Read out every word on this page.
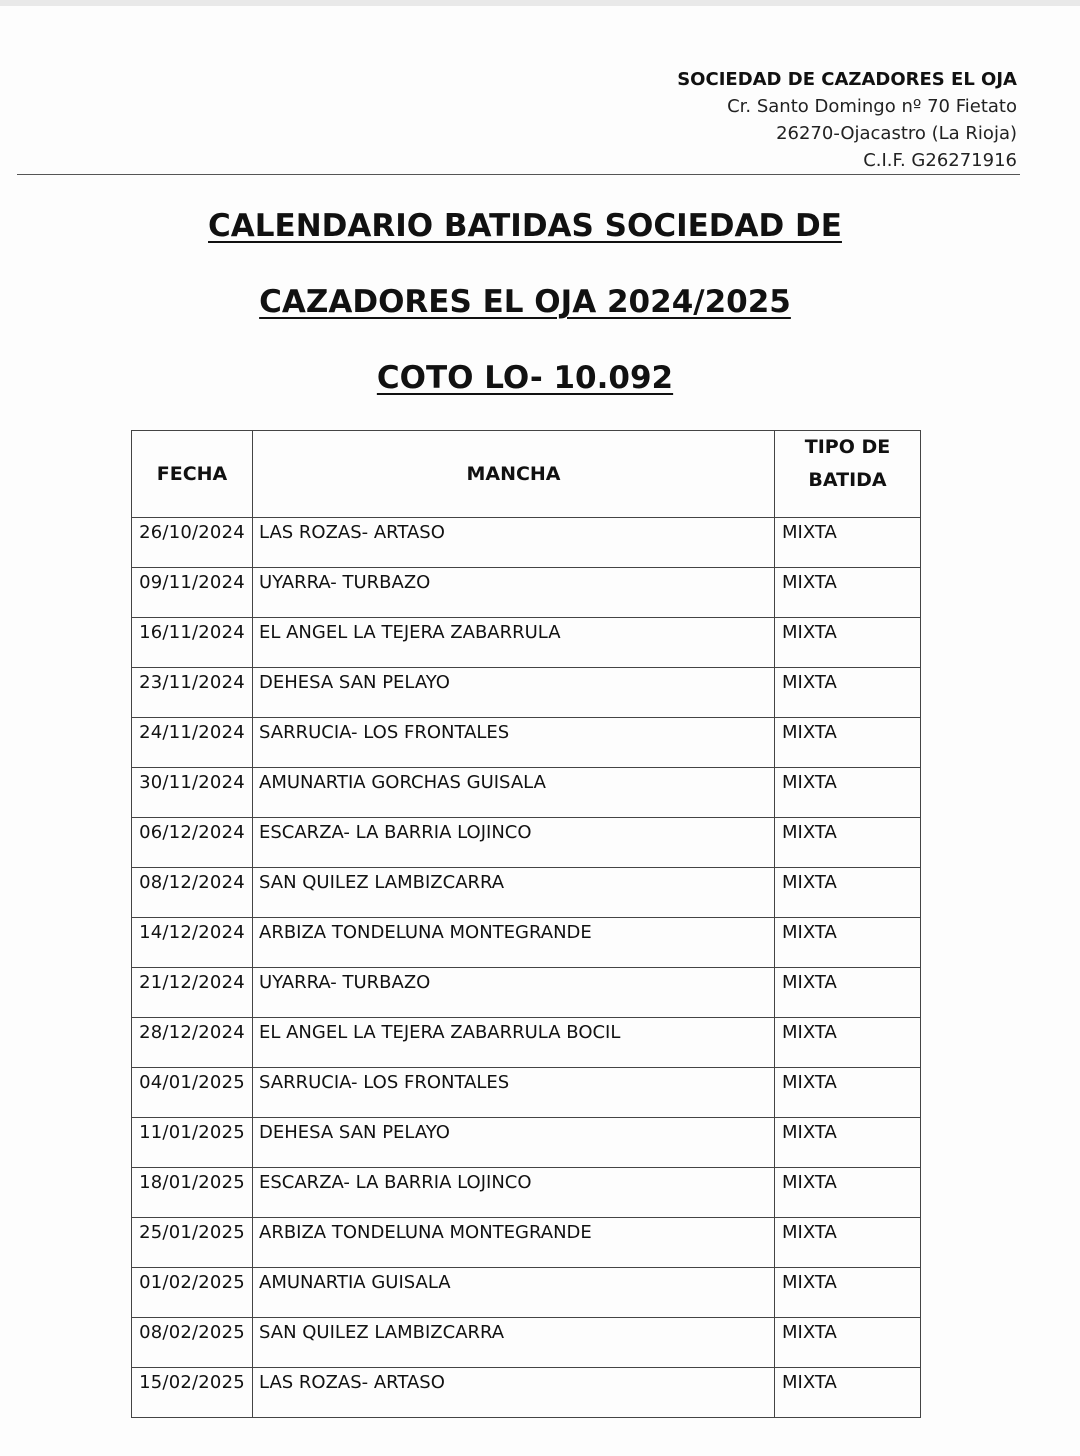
SOCIEDAD DE CAZADORES EL OJA
Cr. Santo Domingo nº 70 Fietato
26270-Ojacastro (La Rioja)
C.I.F. G26271916
CALENDARIO BATIDAS SOCIEDAD DE
CAZADORES EL OJA 2024/2025
COTO LO- 10.092
FECHA	MANCHA	TIPO DE
BATIDA

26/10/2024	LAS ROZAS- ARTASO	MIXTA
09/11/2024	UYARRA- TURBAZO	MIXTA
16/11/2024	EL ANGEL LA TEJERA ZABARRULA	MIXTA
23/11/2024	DEHESA SAN PELAYO	MIXTA
24/11/2024	SARRUCIA- LOS FRONTALES	MIXTA
30/11/2024	AMUNARTIA GORCHAS GUISALA	MIXTA
06/12/2024	ESCARZA- LA BARRIA LOJINCO	MIXTA
08/12/2024	SAN QUILEZ LAMBIZCARRA	MIXTA
14/12/2024	ARBIZA TONDELUNA MONTEGRANDE	MIXTA
21/12/2024	UYARRA- TURBAZO	MIXTA
28/12/2024	EL ANGEL LA TEJERA ZABARRULA BOCIL	MIXTA
04/01/2025	SARRUCIA- LOS FRONTALES	MIXTA
11/01/2025	DEHESA SAN PELAYO	MIXTA
18/01/2025	ESCARZA- LA BARRIA LOJINCO	MIXTA
25/01/2025	ARBIZA TONDELUNA MONTEGRANDE	MIXTA
01/02/2025	AMUNARTIA GUISALA	MIXTA
08/02/2025	SAN QUILEZ LAMBIZCARRA	MIXTA
15/02/2025	LAS ROZAS- ARTASO	MIXTA
